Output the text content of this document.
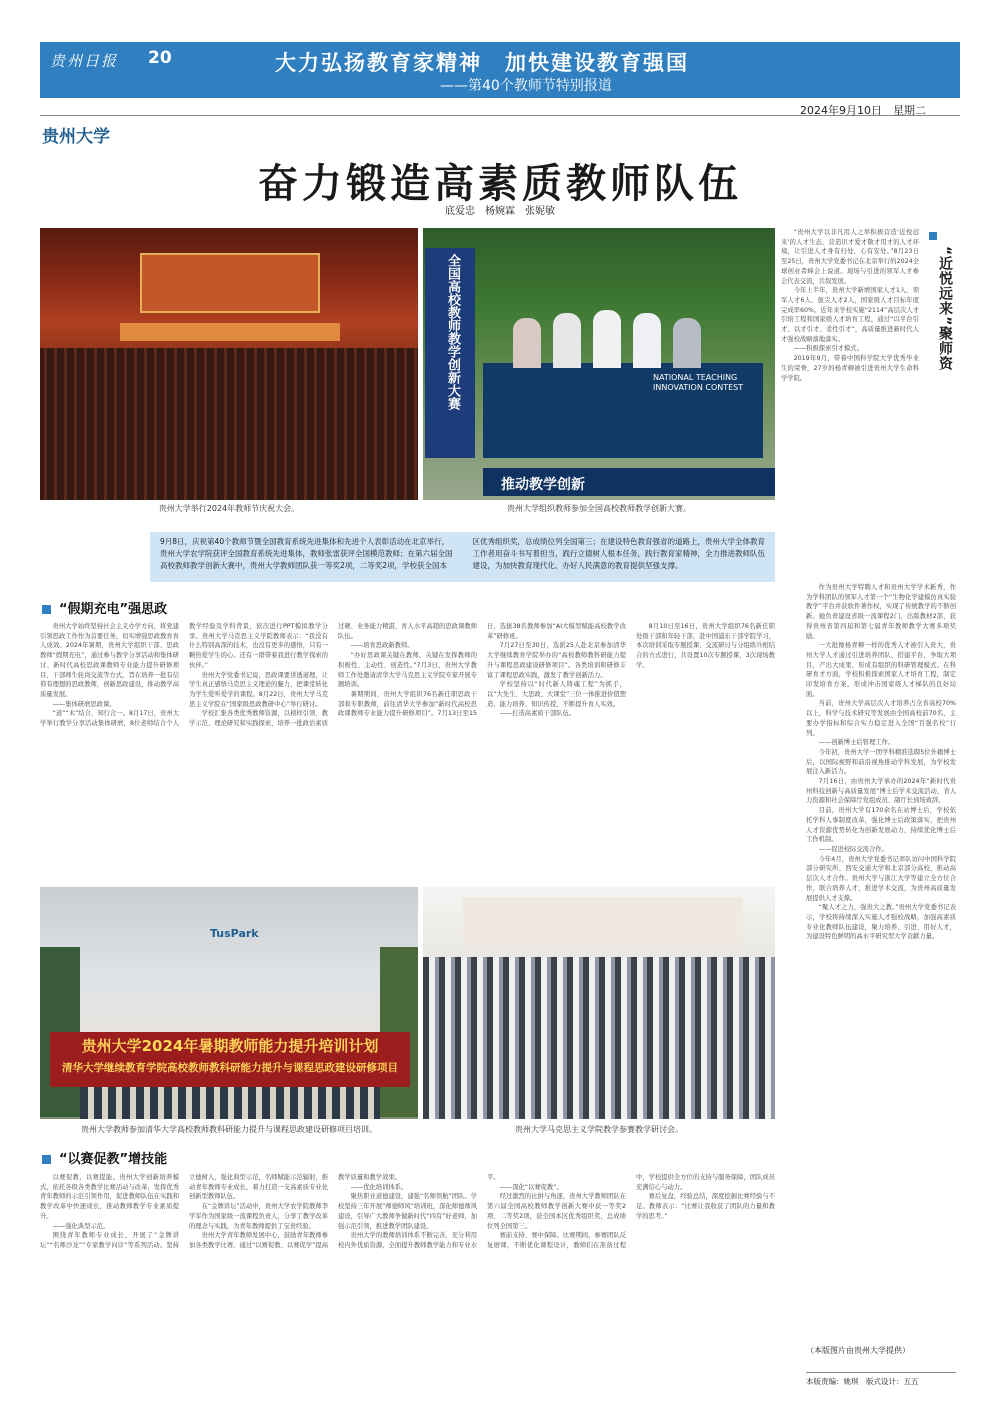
贵州日报 20	大力弘扬教育家精神　加快建设教育强国
——第40个教师节特别报道
2024年9月10日　星期二
贵州大学
奋力锻造高素质教师队伍
底爱忠　杨婉霖　张妮敏
贵州大学举行2024年教师节庆祝大会。
全国高校教师教学创新大赛	NATIONAL TEACHING INNOVATION CONTEST
推动教学创新
贵州大学组织教师参加全国高校教师教学创新大赛。
9月8日，庆祝第40个教师节暨全国教育系统先进集体和先进个人表彰活动在北京举行，贵州大学农学院获评全国教育系统先进集体，教师张雷获评全国模范教师；在第六届全国高校教师教学创新大赛中，贵州大学教师团队获一等奖2项，二等奖2项，学校获全国本区优秀组织奖，总成绩位列全国第三；在建设特色教育强省的道路上，贵州大学全体教育工作者用奋斗书写着担当，践行立德树人根本任务，践行教育家精神，全力推进教师队伍建设，为加快教育现代化、办好人民满意的教育提供坚强支撑。
“近悦远来”聚师资

“贵州大学以非凡用人之举积极营造‘近悦远来’的人才生态，营造识才爱才敬才用才的人才环境，让引进人才身有归处、心有安处。”8月23日至25日，贵州大学党委书记在北京举行的2024全球创业者峰会上说道。现场与引进的领军人才参会代表交流，共叙发展。

今年上半年，贵州大学新增国家人才1人、领军人才6人、拔尖人才2人，国家级人才目标年度完成率60%。近年来学校实施“2114”高层次人才引培工程和国家级人才培育工程，通过“以平台引才、以才引才、柔性引才”，高质量推进新时代人才强校战略落地落实。

——积极探索引才模式。

2019年9月，带着中国科学院大学优秀毕业生的荣誉，27岁的杨青柳被引进贵州大学生命科学学院。

作为贵州大学特聘人才和贵州大学学术新秀，作为学科团队的领军人才第一个“生物化学建模仿真实验教学”平台并获软件著作权，实现了传统教学的不断创新。她负责建设省级一流课程2门，出版教材2部，获得贵州省第四届和第七届青年教师教学大赛多项奖励。

一大批像杨青柳一样的优秀人才被引入贵大，贵州大学人才通过引进培养团队、搭建平台，争取大项目，产出大成果，形成有组织的科研管理模式。在科研育才方面，学校积极探索国家人才培育工程，制定印发培育方案，形成冲击国家级人才梯队的良好局面。

当前，贵州大学高层次人才培养占全省高校70%以上，科学与技术研究等发展由全国高校前70名，主要办学指标和综合实力稳定进入全国“百强名校”行列。

——创新博士后管理工作。

今年初，贵州大学一团学科精准选聘5位外籍博士后，以国际视野和前沿视角推动学科发展，为学校发展注入新活力。

7月16日，由贵州大学承办的2024年“新时代贵州科技创新与高质量发展”博士后学术交流活动，省人力资源和社会保障厅党组成员、副厅长到场致辞。

目前，贵州大学有170余名在站博士后，学校依托学科人事制度改革，强化博士后政策落实，把贵州人才资源优势转化为创新发展动力，持续优化博士后工作机制。

——促进校际交流合作。

今年4月，贵州大学党委书记率队访问中国科学院部分研究所、西安交通大学和北京部分高校，推动高层次人才合作。贵州大学与浙江大学等建立全方位合作，联合培养人才，推进学术交流，为贵州高质量发展提供人才支撑。

“聚人才之力，强贵大之教。”贵州大学党委书记表示，学校将持续深入实施人才强校战略，加强高素质专业化教师队伍建设，聚力培养、引进、用好人才，为建设特色鲜明的高水平研究型大学贡献力量。

“假期充电”强思政

贵州大学始终坚持社会主义办学方向，将党建引领思政工作作为首要任务，切实增强思政教育育人成效。2024年暑期，贵州大学组织干部、思政教师“假期充电”，通过参与教学分享活动和集体研讨、新时代高校思政课教师专业能力提升研修项目、干部师生轮岗交流等方式，旨在培养一批有信仰有理想的思政教师，创新思政建设，推动教学高质量发展。

——集体研磨思政课。

“道”“术”结合，知行合一。8月17日，贵州大学举行教学分享活动集体研磨，8位老师结合个人教学经验及学科背景，依次进行PPT模拟教学分享。贵州大学马克思主义学院教师表示：“我没有什么特别高深的技术，也没有更多的感悟，只有一颗热爱学生的心。还有一群带着我进行教学探索的伙伴。”

贵州大学党委书记说，思政课要讲透道理，让学生真正感悟马克思主义理论的魅力，把课堂转化为学生爱听爱学的课程。8月22日，贵州大学马克思主义学院在“国家级思政教研中心”举行研讨。

学校汇集各类优秀教师资源，以榜样引领、教学示范、理论研究和实践探索，培养一批政治素质过硬、业务能力精湛、育人水平高超的思政课教师队伍。

——培育思政新教师。

“办好思政课关键在教师，关键在发挥教师的积极性、主动性、创造性。”7月3日，贵州大学教师工作处邀请清华大学马克思主义学院专家开展专题培训。

暑期期间，贵州大学组织76名新任职思政干部和专职教师，前往清华大学参加“新时代高校思政课教师专业能力提升研修项目”。7月13日至15日，选拔38名教师参加“AI大模型赋能高校教学改革”研修班。

7月27日至30日，选派25人赴北京参加清华大学继续教育学院举办的“高校教师教科研能力提升与课程思政建设研修项目”。各类培训和研修丰富了课程思政实践，激发了教学创新活力。

学校坚持以“时代新人铸魂工程”为抓手，以“大先生、大思政、大课堂”三位一体推进价值塑造、能力培养、知识传授，不断提升育人实效。

——打造高素质干部队伍。

8月10日至16日，贵州大学组织76名新任职处级干部和年轻干部，赴中国浦东干部学院学习，本次培训采取专题授课、交流研讨与分组练兵相结合的方式进行，共设置10次专题授课、3次现场教学。

TusPark
贵州大学2024年暑期教师能力提升培训计划
清华大学继续教育学院高校教师教科研能力提升与课程思政建设研修项目
贵州大学教师参加清华大学高校教师教科研能力提升与课程思政建设研修项目培训。	贵州大学马克思主义学院教学参赛教学研讨会。
“以赛促教”增技能

以赛促教，以赛提能。贵州大学创新培养模式，依托各级各类教学比赛活动与改革，发挥优秀青年教师的示范引领作用，促进教师队伍在实践和教学改革中快速成长，推动教师教学专业素质提升。

——强化典型示范。

围绕青年教师专业成长，开展了“金牌讲坛”“名师沙龙”“专家教学问诊”等系列活动。坚持立德树人，强化典型示范，名师赋能示范辐射，推动青年教师专业成长，着力打造一支高素质专业化创新型教师队伍。

在“金牌讲坛”活动中，贵州大学农学院教师李学军作为国家级一流课程负责人，分享了教学改革的理念与实践，为青年教师提供了宝贵经验。

贵州大学青年教师发展中心，鼓励青年教师参加各类教学比赛，通过“以赛促教、以赛促学”提高教学质量和教学效果。

——优化培训体系。

聚焦职业道德建设，建强“名师领航”团队。学校坚持三年开展“师德师风”培训班，深化师德师风建设，引导广大教师争做新时代“四有”好老师，加强示范引领，推进教学团队建设。

贵州大学的教师培训体系不断完善，充分利用校内外优质资源，全面提升教师教学能力和专业水平。

——深化“以赛促教”。

经过激烈的比拼与角逐，贵州大学教师团队在第六届全国高校教师教学创新大赛中获一等奖2项、二等奖2项，获全国本区优秀组织奖，总成绩位列全国第三。

赛前支持、赛中保障。比赛期间，参赛团队反复磨课，不断优化课程设计，教师们在准备过程中，学校提供全方位的支持与服务保障，团队成员充满信心与动力。

赛后复盘，经验总结，深度挖掘比赛经验与不足。教师表示：“比赛让我收获了团队的力量和教学的思考。”

（本版图片由贵州大学提供）
本版责编：姚琪　版式设计：五五
